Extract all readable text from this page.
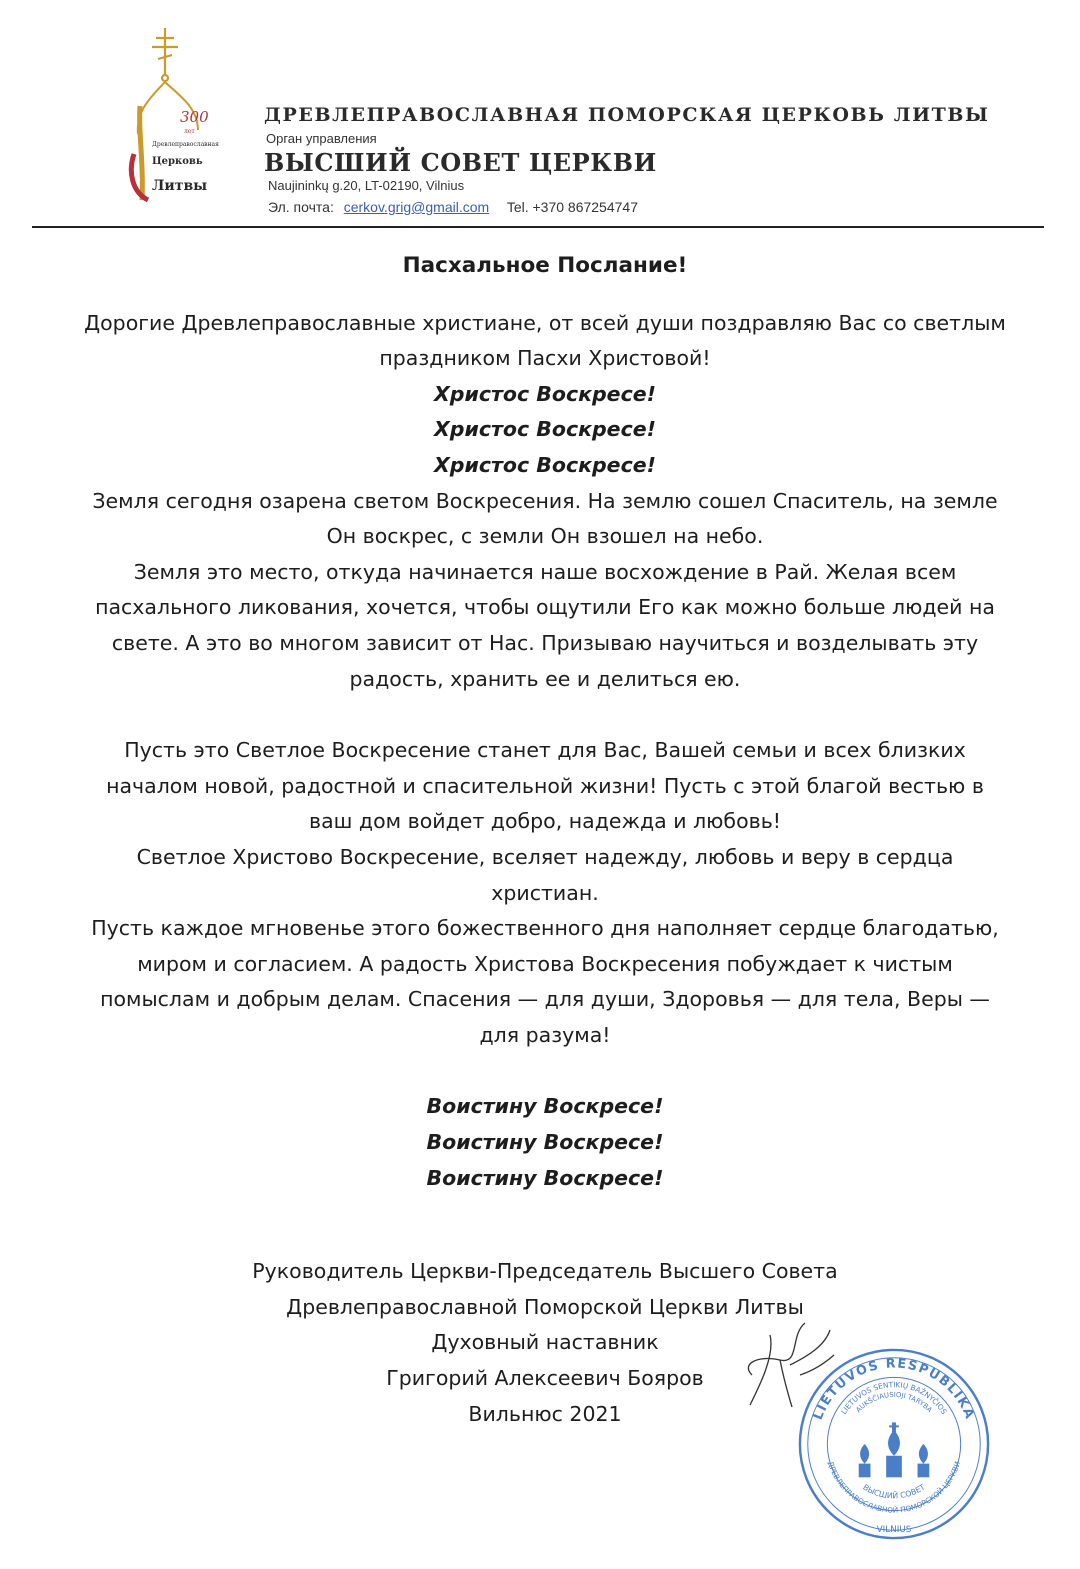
300
лет
Древлеправославная
Церковь
Литвы
ДРЕВЛЕПРАВОСЛАВНАЯ ПОМОРСКАЯ ЦЕРКОВЬ ЛИТВЫ
Орган управления
ВЫСШИЙ СОВЕТ ЦЕРКВИ
Naujininkų g.20, LT-02190, Vilnius
Эл. почта: cerkov.grig@gmail.com Tel. +370 867254747
Пасхальное Послание!
Дорогие Древлеправославные христиане, от всей души поздравляю Вас со светлым
праздником Пасхи Христовой!
Христос Воскресе!
Христос Воскресе!
Христос Воскресе!
Земля сегодня озарена светом Воскресения. На землю сошел Спаситель, на земле
Он воскрес, с земли Он взошел на небо.
Земля это место, откуда начинается наше восхождение в Рай. Желая всем
пасхального ликования, хочется, чтобы ощутили Его как можно больше людей на
свете. А это во многом зависит от Нас. Призываю научиться и возделывать эту
радость, хранить ее и делиться ею.
Пусть это Светлое Воскресение станет для Вас, Вашей семьи и всех близких
началом новой, радостной и спасительной жизни! Пусть с этой благой вестью в
ваш дом войдет добро, надежда и любовь!
Светлое Христово Воскресение, вселяет надежду, любовь и веру в сердца
христиан.
Пусть каждое мгновенье этого божественного дня наполняет сердце благодатью,
миром и согласием. А радость Христова Воскресения побуждает к чистым
помыслам и добрым делам. Спасения — для души, Здоровья — для тела, Веры —
для разума!
Воистину Воскресе!
Воистину Воскресе!
Воистину Воскресе!
Руководитель Церкви-Председатель Высшего Совета
Древлеправославной Поморской Церкви Литвы
Духовный наставник
Григорий Алексеевич Бояров
Вильнюс 2021	LIETUVOS RESPUBLIKA
LIETUVOS SENTIKIŲ BAŽNYČIOS
AUKŠČIAUSIOJI TARYBA
ДРЕВЛЕПРАВОСЛАВНОЙ ПОМОРСКОЙ ЦЕРКВИ
ВЫСШИЙ СОВЕТ
VILNIUS
